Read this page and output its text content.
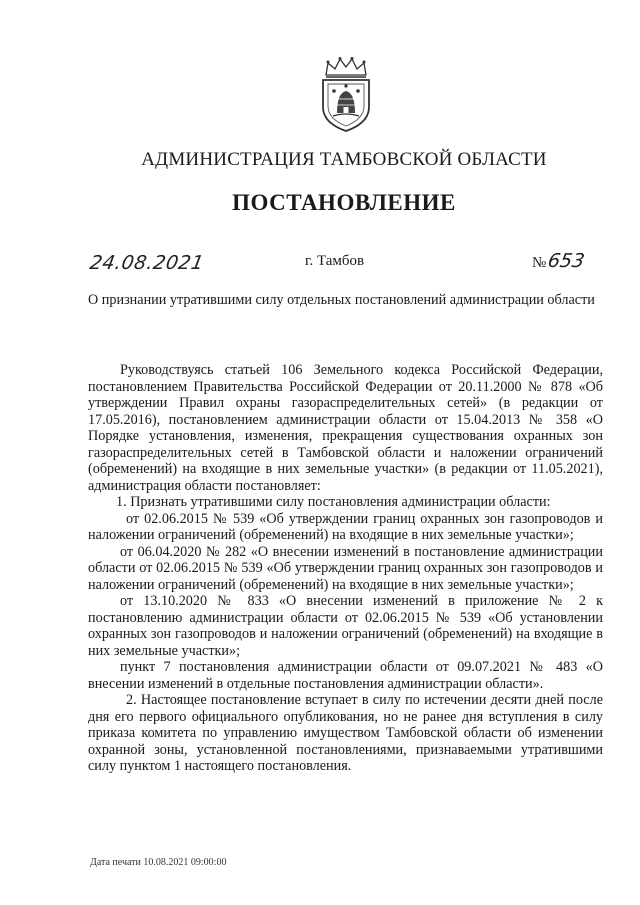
АДМИНИСТРАЦИЯ ТАМБОВСКОЙ ОБЛАСТИ
ПОСТАНОВЛЕНИЕ
24.08.2021	г. Тамбов	№653
О признании утратившими силу отдельных постановлений администрации области

Руководствуясь статьей 106 Земельного кодекса Российской Федерации, постановлением Правительства Российской Федерации от 20.11.2000 № 878 «Об утверждении Правил охраны газораспределительных сетей» (в редакции от 17.05.2016), постановлением администрации области от 15.04.2013 № 358 «О Порядке установления, изменения, прекращения существования охранных зон газораспределительных сетей в Тамбовской области и наложении ограничений (обременений) на входящие в них земельные участки» (в редакции от 11.05.2021), администрация области постановляет:

1. Признать утратившими силу постановления администрации области:

от 02.06.2015 № 539 «Об утверждении границ охранных зон газопроводов и наложении ограничений (обременений) на входящие в них земельные участки»;

от 06.04.2020 № 282 «О внесении изменений в постановление администрации области от 02.06.2015 № 539 «Об утверждении границ охранных зон газопроводов и наложении ограничений (обременений) на входящие в них земельные участки»;

от 13.10.2020 № 833 «О внесении изменений в приложение № 2 к постановлению администрации области от 02.06.2015 № 539 «Об установлении охранных зон газопроводов и наложении ограничений (обременений) на входящие в них земельные участки»;

пункт 7 постановления администрации области от 09.07.2021 № 483 «О внесении изменений в отдельные постановления администрации области».

2. Настоящее постановление вступает в силу по истечении десяти дней после дня его первого официального опубликования, но не ранее дня вступления в силу приказа комитета по управлению имуществом Тамбовской области об изменении охранной зоны, установленной постановлениями, признаваемыми утратившими силу пунктом 1 настоящего постановления.

Дата печати 10.08.2021 09:00:00
